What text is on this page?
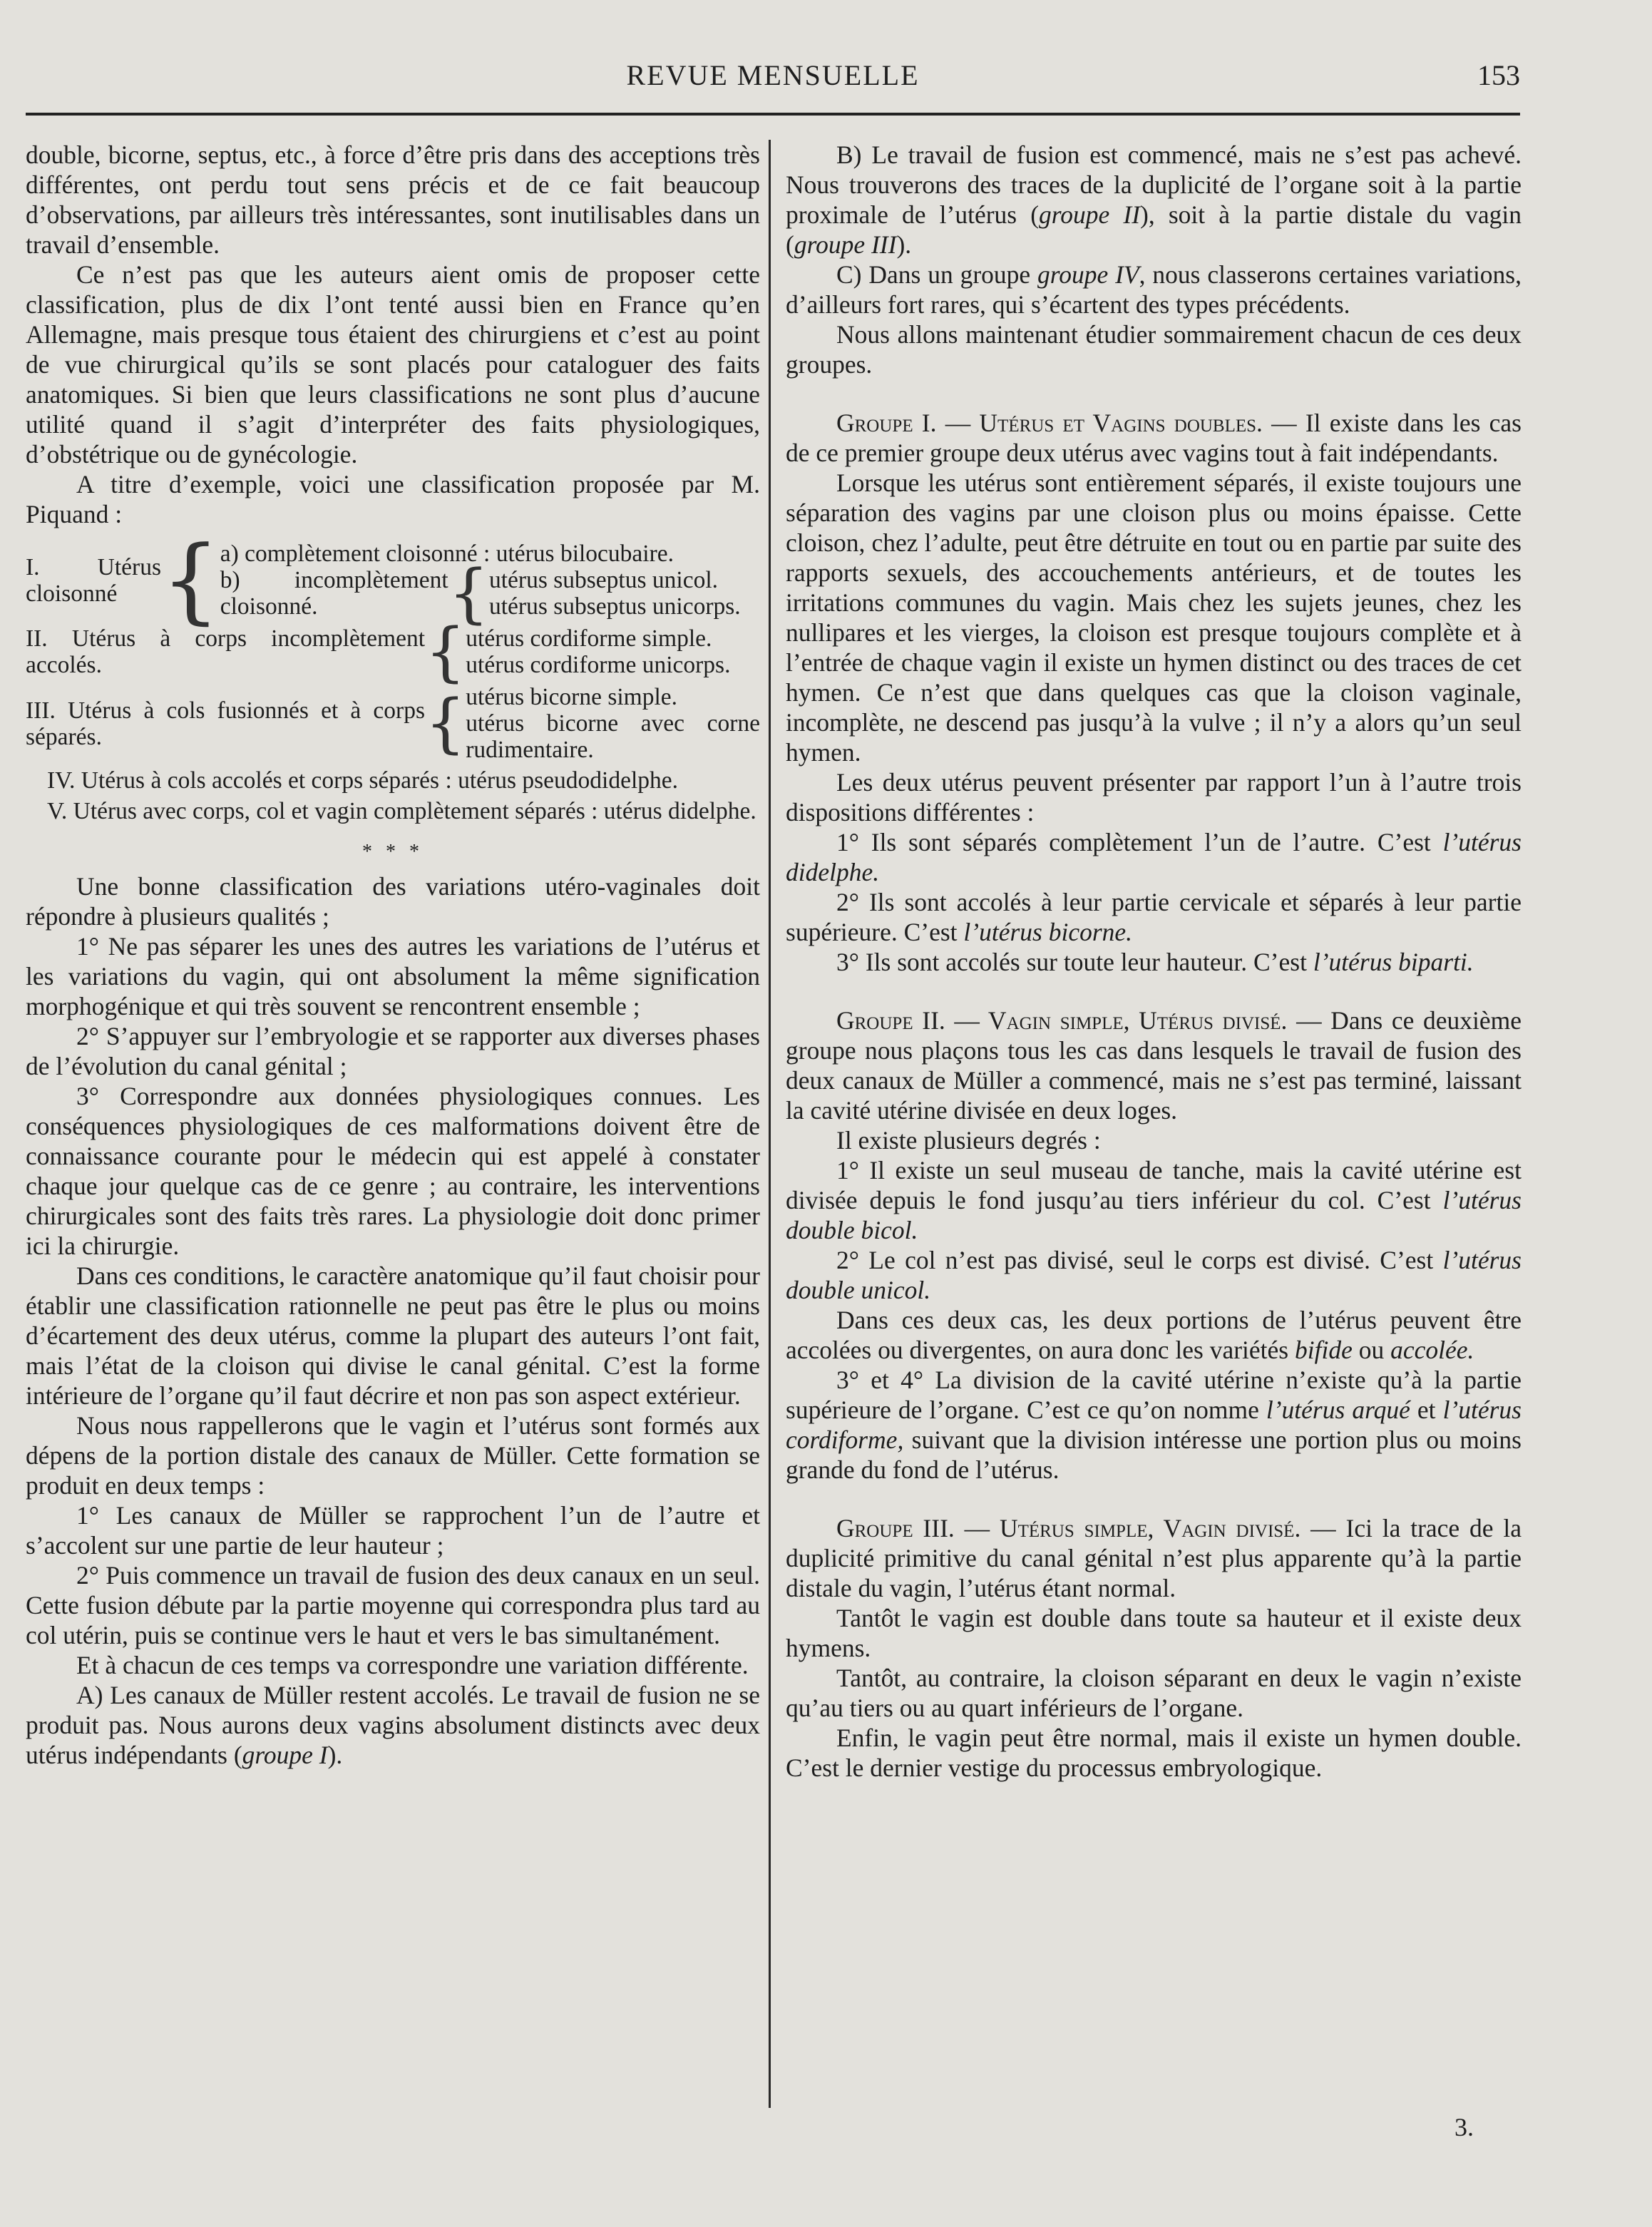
REVUE MENSUELLE	153

double, bicorne, septus, etc., à force d’être pris dans des acceptions très différentes, ont perdu tout sens précis et de ce fait beaucoup d’observations, par ailleurs très intéressantes, sont inutilisables dans un travail d’ensemble.

Ce n’est pas que les auteurs aient omis de proposer cette classification, plus de dix l’ont tenté aussi bien en France qu’en Allemagne, mais presque tous étaient des chirurgiens et c’est au point de vue chirurgical qu’ils se sont placés pour cataloguer des faits anatomiques. Si bien que leurs classifications ne sont plus d’aucune utilité quand il s’agit d’interpréter des faits physiologiques, d’obstétrique ou de gynécologie.

A titre d’exemple, voici une classification proposée par M. Piquand :

I. Utérus cloisonné	{	a) complètement cloisonné : utérus bilocubaire.
b) incomplètement cloisonné.	{	utérus subseptus unicol.
utérus subseptus unicorps.
II. Utérus à corps incomplètement accolés.	{	utérus cordiforme simple.
utérus cordiforme unicorps.
III. Utérus à cols fusionnés et à corps séparés.	{	utérus bicorne simple.
utérus bicorne avec corne rudimentaire.
IV. Utérus à cols accolés et corps séparés : utérus pseudodidelphe.
V. Utérus avec corps, col et vagin complètement séparés : utérus didelphe.
* * *

Une bonne classification des variations utéro-vaginales doit répondre à plusieurs qualités ;

1° Ne pas séparer les unes des autres les variations de l’utérus et les variations du vagin, qui ont absolument la même signification morphogénique et qui très souvent se rencontrent ensemble ;

2° S’appuyer sur l’embryologie et se rapporter aux diverses phases de l’évolution du canal génital ;

3° Correspondre aux données physiologiques connues. Les conséquences physiologiques de ces malformations doivent être de connaissance courante pour le médecin qui est appelé à constater chaque jour quelque cas de ce genre ; au contraire, les interventions chirurgicales sont des faits très rares. La physiologie doit donc primer ici la chirurgie.

Dans ces conditions, le caractère anatomique qu’il faut choisir pour établir une classification rationnelle ne peut pas être le plus ou moins d’écartement des deux utérus, comme la plupart des auteurs l’ont fait, mais l’état de la cloison qui divise le canal génital. C’est la forme intérieure de l’organe qu’il faut décrire et non pas son aspect extérieur.

Nous nous rappellerons que le vagin et l’utérus sont formés aux dépens de la portion distale des canaux de Müller. Cette formation se produit en deux temps :

1° Les canaux de Müller se rapprochent l’un de l’autre et s’accolent sur une partie de leur hauteur ;

2° Puis commence un travail de fusion des deux canaux en un seul. Cette fusion débute par la partie moyenne qui correspondra plus tard au col utérin, puis se continue vers le haut et vers le bas simultanément.

Et à chacun de ces temps va correspondre une variation différente.

A) Les canaux de Müller restent accolés. Le travail de fusion ne se produit pas. Nous aurons deux vagins absolument distincts avec deux utérus indépendants (groupe I).

B) Le travail de fusion est commencé, mais ne s’est pas achevé. Nous trouverons des traces de la duplicité de l’organe soit à la partie proximale de l’utérus (groupe II), soit à la partie distale du vagin (groupe III).

C) Dans un groupe groupe IV, nous classerons certaines variations, d’ailleurs fort rares, qui s’écartent des types précédents.

Nous allons maintenant étudier sommairement chacun de ces deux groupes.

Groupe I. — Utérus et Vagins doubles. — Il existe dans les cas de ce premier groupe deux utérus avec vagins tout à fait indépendants.

Lorsque les utérus sont entièrement séparés, il existe toujours une séparation des vagins par une cloison plus ou moins épaisse. Cette cloison, chez l’adulte, peut être détruite en tout ou en partie par suite des rapports sexuels, des accouchements antérieurs, et de toutes les irritations communes du vagin. Mais chez les sujets jeunes, chez les nullipares et les vierges, la cloison est presque toujours complète et à l’entrée de chaque vagin il existe un hymen distinct ou des traces de cet hymen. Ce n’est que dans quelques cas que la cloison vaginale, incomplète, ne descend pas jusqu’à la vulve ; il n’y a alors qu’un seul hymen.

Les deux utérus peuvent présenter par rapport l’un à l’autre trois dispositions différentes :

1° Ils sont séparés complètement l’un de l’autre. C’est l’utérus didelphe.

2° Ils sont accolés à leur partie cervicale et séparés à leur partie supérieure. C’est l’utérus bicorne.

3° Ils sont accolés sur toute leur hauteur. C’est l’utérus biparti.

Groupe II. — Vagin simple, Utérus divisé. — Dans ce deuxième groupe nous plaçons tous les cas dans lesquels le travail de fusion des deux canaux de Müller a commencé, mais ne s’est pas terminé, laissant la cavité utérine divisée en deux loges.

Il existe plusieurs degrés :

1° Il existe un seul museau de tanche, mais la cavité utérine est divisée depuis le fond jusqu’au tiers inférieur du col. C’est l’utérus double bicol.

2° Le col n’est pas divisé, seul le corps est divisé. C’est l’utérus double unicol.

Dans ces deux cas, les deux portions de l’utérus peuvent être accolées ou divergentes, on aura donc les variétés bifide ou accolée.

3° et 4° La division de la cavité utérine n’existe qu’à la partie supérieure de l’organe. C’est ce qu’on nomme l’utérus arqué et l’utérus cordiforme, suivant que la division intéresse une portion plus ou moins grande du fond de l’utérus.

Groupe III. — Utérus simple, Vagin divisé. — Ici la trace de la duplicité primitive du canal génital n’est plus apparente qu’à la partie distale du vagin, l’utérus étant normal.

Tantôt le vagin est double dans toute sa hauteur et il existe deux hymens.

Tantôt, au contraire, la cloison séparant en deux le vagin n’existe qu’au tiers ou au quart inférieurs de l’organe.

Enfin, le vagin peut être normal, mais il existe un hymen double. C’est le dernier vestige du processus embryologique.

3.
